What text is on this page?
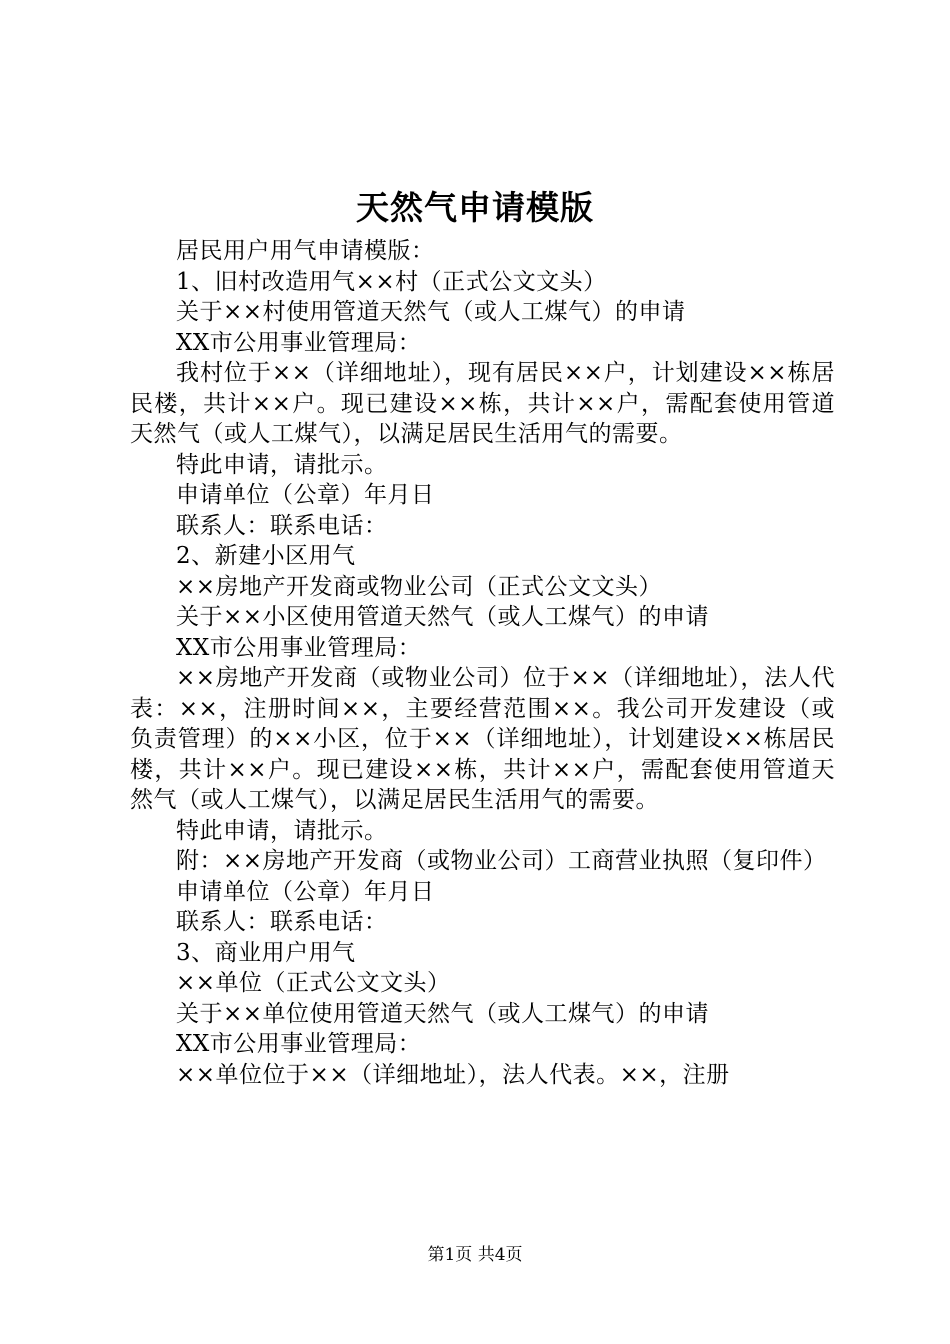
天然气申请模版

居民用户用气申请模版：

1、旧村改造用气××村（正式公文文头）

关于××村使用管道天然气（或人工煤气）的申请

XX市公用事业管理局：

我村位于××（详细地址），现有居民××户，计划建设××栋居民楼，共计××户。现已建设××栋，共计××户，需配套使用管道天然气（或人工煤气），以满足居民生活用气的需要。

特此申请，请批示。

申请单位（公章）年月日

联系人：联系电话：

2、新建小区用气

××房地产开发商或物业公司（正式公文文头）

关于××小区使用管道天然气（或人工煤气）的申请

XX市公用事业管理局：

××房地产开发商（或物业公司）位于××（详细地址），法人代表：××，注册时间××，主要经营范围××。我公司开发建设（或负责管理）的××小区，位于××（详细地址），计划建设××栋居民楼，共计××户。现已建设××栋，共计××户，需配套使用管道天然气（或人工煤气），以满足居民生活用气的需要。

特此申请，请批示。

附：××房地产开发商（或物业公司）工商营业执照（复印件）

申请单位（公章）年月日

联系人：联系电话：

3、商业用户用气

××单位（正式公文文头）

关于××单位使用管道天然气（或人工煤气）的申请

XX市公用事业管理局：

××单位位于××（详细地址），法人代表。××，注册

第1页 共4页
